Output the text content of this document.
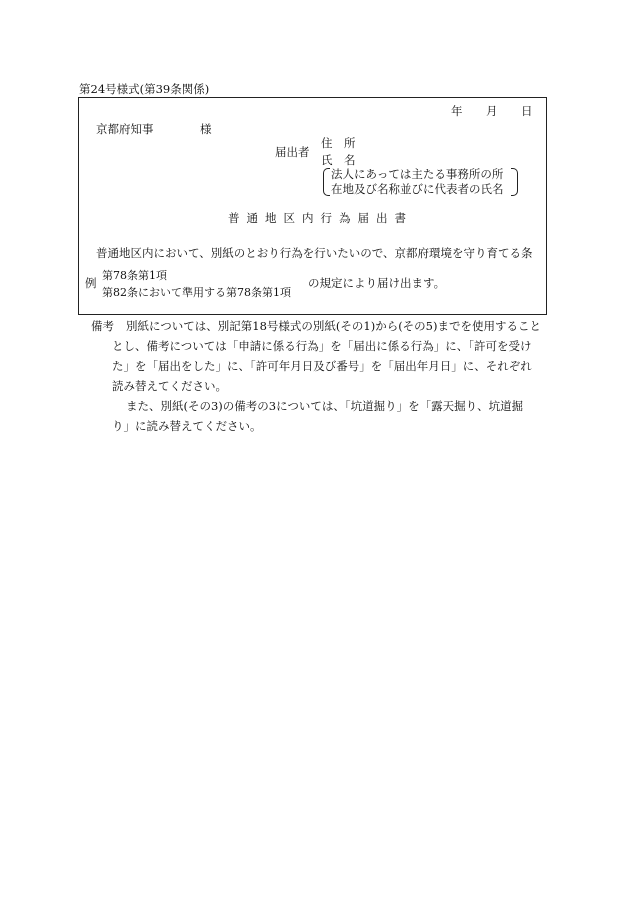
第24号様式(第39条関係)
年 月 日
京都府知事	様
届出者
住　所
氏　名
法人にあっては主たる事務所の所
在地及び名称並びに代表者の氏名
普通地区内行為届出書
普通地区内において、別紙のとおり行為を行いたいので、京都府環境を守り育てる条
例
第78条第1項
第82条において準用する第78条第1項
の規定により届け出ます。
備考 別紙については、別記第18号様式の別紙(その1)から(その5)までを使用すること
とし、備考については「申請に係る行為」を「届出に係る行為」に、「許可を受け
た」を「届出をした」に、「許可年月日及び番号」を「届出年月日」に、それぞれ
読み替えてください。
また、別紙(その3)の備考の3については、「坑道掘り」を「露天掘り、坑道掘
り」に読み替えてください。
